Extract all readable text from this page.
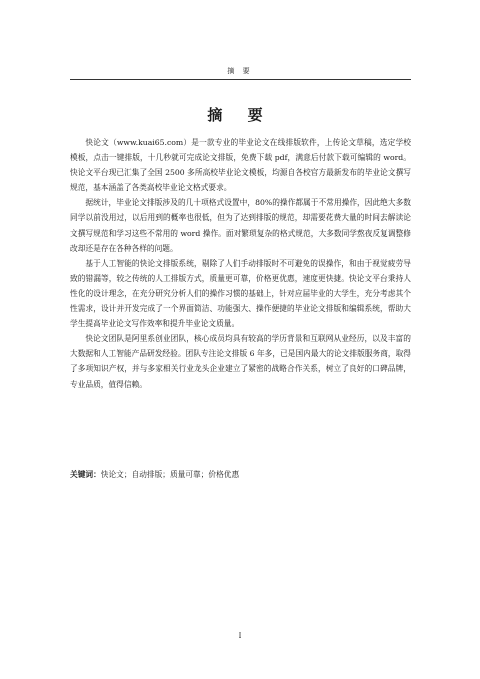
摘 要
摘 要

快论文（www.kuai65.com）是一款专业的毕业论文在线排版软件，上传论文草稿，选定学校模板，点击一键排版，十几秒就可完成论文排版，免费下载 pdf，满意后付款下载可编辑的 word。快论文平台现已汇集了全国 2500 多所高校毕业论文模板，均源自各校官方最新发布的毕业论文撰写规范，基本涵盖了各类高校毕业论文格式要求。

据统计，毕业论文排版涉及的几十项格式设置中，80%的操作都属于不常用操作，因此绝大多数同学以前没用过，以后用到的概率也很低，但为了达到排版的规范，却需要花费大量的时间去解读论文撰写规范和学习这些不常用的 word 操作。面对繁琐复杂的格式规范，大多数同学熬夜反复调整修改却还是存在各种各样的问题。

基于人工智能的快论文排版系统，剔除了人们手动排版时不可避免的误操作，和由于视觉疲劳导致的错漏等，较之传统的人工排版方式，质量更可靠，价格更优惠，速度更快捷。快论文平台秉持人性化的设计理念，在充分研究分析人们的操作习惯的基础上，针对应届毕业的大学生，充分考虑其个性需求，设计并开发完成了一个界面简洁、功能强大、操作便捷的毕业论文排版和编辑系统，帮助大学生提高毕业论文写作效率和提升毕业论文质量。

快论文团队是阿里系创业团队，核心成员均具有较高的学历背景和互联网从业经历，以及丰富的大数据和人工智能产品研发经验。团队专注论文排版 6 年多，已是国内最大的论文排版服务商，取得了多项知识产权，并与多家相关行业龙头企业建立了紧密的战略合作关系，树立了良好的口碑品牌，专业品质，值得信赖。

关键词：快论文；自动排版；质量可靠；价格优惠
I
